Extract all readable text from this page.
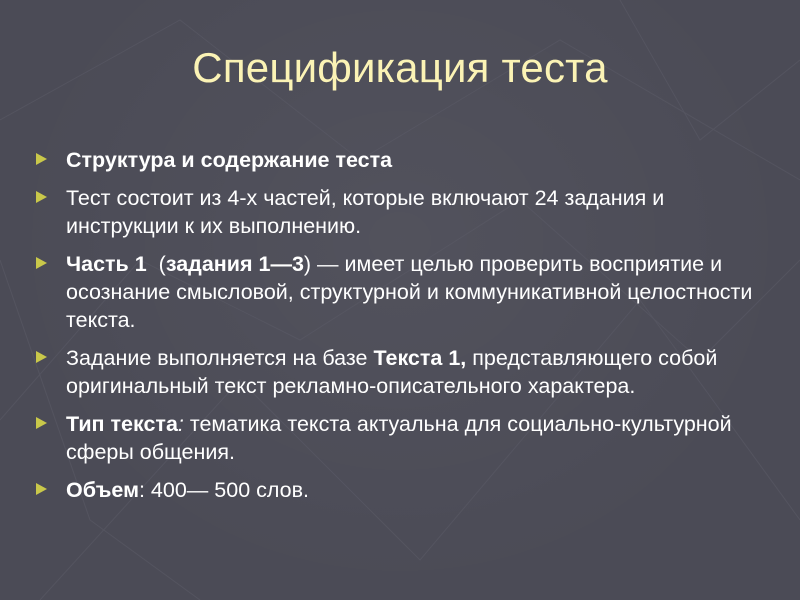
Спецификация теста
Структура и содержание теста
Тест состоит из 4-х частей, которые включают 24 задания и инструкции к их выполнению.
Часть 1  (задания 1—3) — имеет целью проверить восприятие и осознание смысловой, структурной и коммуникативной целостности текста.
Задание выполняется на базе Текста 1, представляющего собой оригинальный текст рекламно-описательного характера.
Тип текста: тематика текста актуальна для социально-культурной сферы общения.
Объем: 400— 500 слов.
